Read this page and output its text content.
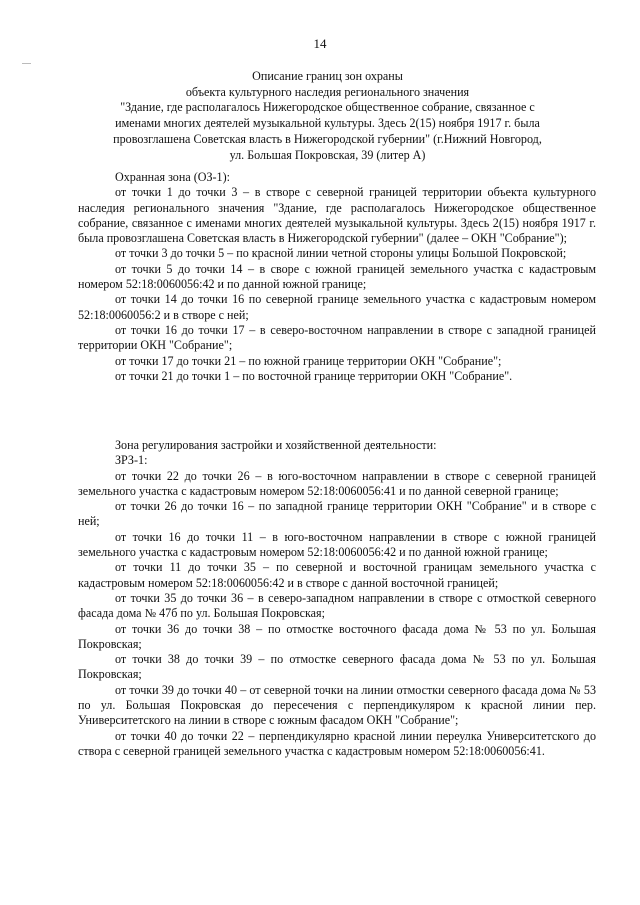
14
Описание границ зон охраны
объекта культурного наследия регионального значения
"Здание, где располагалось Нижегородское общественное собрание, связанное с
именами многих деятелей музыкальной культуры. Здесь 2(15) ноября 1917 г. была
провозглашена Советская власть в Нижегородской губернии" (г.Нижний Новгород,
ул. Большая Покровская, 39 (литер А)
Охранная зона (ОЗ-1):

от точки 1 до точки 3 – в створе с северной границей территории объекта культурного наследия регионального значения "Здание, где располагалось Нижегородское общественное собрание, связанное с именами многих деятелей музыкальной культуры. Здесь 2(15) ноября 1917 г. была провозглашена Советская власть в Нижегородской губернии" (далее – ОКН "Собрание");

от точки 3 до точки 5 – по красной линии четной стороны улицы Большой Покровской;

от точки 5 до точки 14 – в своре с южной границей земельного участка с кадастровым номером 52:18:0060056:42 и по данной южной границе;

от точки 14 до точки 16 по северной границе земельного участка с кадастровым номером 52:18:0060056:2 и в створе с ней;

от точки 16 до точки 17 – в северо-восточном направлении в створе с западной границей территории ОКН "Собрание";

от точки 17 до точки 21 – по южной границе территории ОКН "Собрание";

от точки 21 до точки 1 – по восточной границе территории ОКН "Собрание".

Зона регулирования застройки и хозяйственной деятельности:
ЗРЗ-1:

от точки 22 до точки 26 – в юго-восточном направлении в створе с северной границей земельного участка с кадастровым номером 52:18:0060056:41 и по данной северной границе;

от точки 26 до точки 16 – по западной границе территории ОКН "Собрание" и в створе с ней;

от точки 16 до точки 11 – в юго-восточном направлении в створе с южной границей земельного участка с кадастровым номером 52:18:0060056:42 и по данной южной границе;

от точки 11 до точки 35 – по северной и восточной границам земельного участка с кадастровым номером 52:18:0060056:42 и в створе с данной восточной границей;

от точки 35 до точки 36 – в северо-западном направлении в створе с отмосткой северного фасада дома № 47б по ул. Большая Покровская;

от точки 36 до точки 38 – по отмостке восточного фасада дома № 53 по ул. Большая Покровская;

от точки 38 до точки 39 – по отмостке северного фасада дома № 53 по ул. Большая Покровская;

от точки 39 до точки 40 – от северной точки на линии отмостки северного фасада дома № 53 по ул. Большая Покровская до пересечения с перпендикуляром к красной линии пер. Университетского на линии в створе с южным фасадом ОКН "Собрание";

от точки 40 до точки 22 – перпендикулярно красной линии переулка Университетского до створа с северной границей земельного участка с кадастровым номером 52:18:0060056:41.
